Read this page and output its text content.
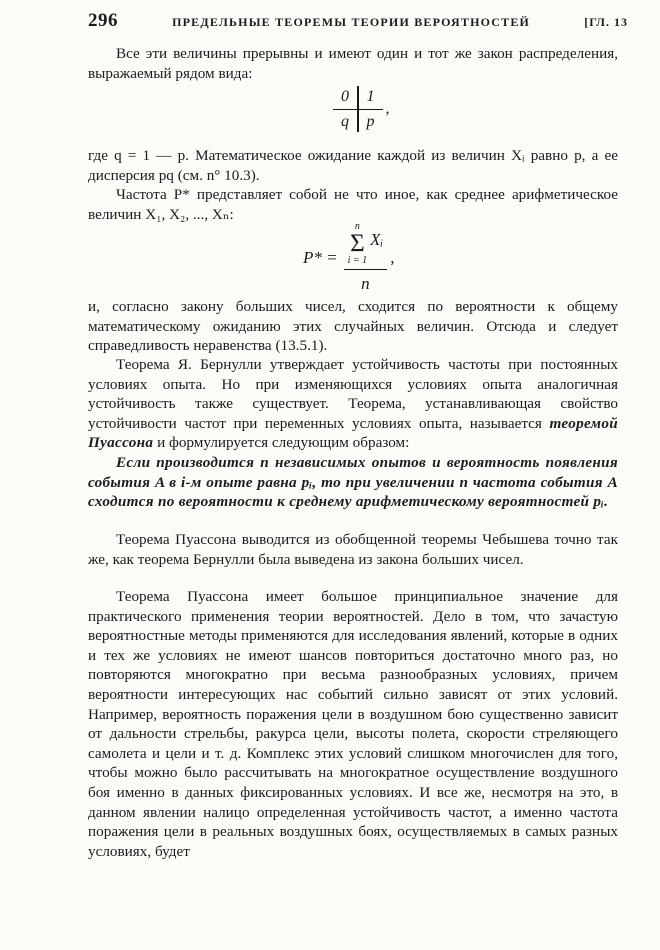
296	ПРЕДЕЛЬНЫЕ ТЕОРЕМЫ ТЕОРИИ ВЕРОЯТНОСТЕЙ	[ГЛ. 13

Все эти величины прерывны и имеют один и тот же закон распределения, выражаемый рядом вида:

0
q
1
p
,

где q = 1 — p. Математическое ожидание каждой из величин Xᵢ равно p, а ее дисперсия pq (см. n° 10.3).

Частота P* представляет собой не что иное, как среднее арифметическое величин X₁, X₂, ..., Xₙ:

P* = n
Σ
i = 1
Xᵢ
n ,

и, согласно закону больших чисел, сходится по вероятности к общему математическому ожиданию этих случайных величин. Отсюда и следует справедливость неравенства (13.5.1).

Теорема Я. Бернулли утверждает устойчивость частоты при постоянных условиях опыта. Но при изменяющихся условиях опыта аналогичная устойчивость также существует. Теорема, устанавливающая свойство устойчивости частот при переменных условиях опыта, называется теоремой Пуассона и формулируется следующим образом:

Если производится n независимых опытов и вероятность появления события A в i-м опыте равна pᵢ, то при увеличении n частота события A сходится по вероятности к среднему арифметическому вероятностей pᵢ.

Теорема Пуассона выводится из обобщенной теоремы Чебышева точно так же, как теорема Бернулли была выведена из закона больших чисел.

Теорема Пуассона имеет большое принципиальное значение для практического применения теории вероятностей. Дело в том, что зачастую вероятностные методы применяются для исследования явлений, которые в одних и тех же условиях не имеют шансов повториться достаточно много раз, но повторяются многократно при весьма разнообразных условиях, причем вероятности интересующих нас событий сильно зависят от этих условий. Например, вероятность поражения цели в воздушном бою существенно зависит от дальности стрельбы, ракурса цели, высоты полета, скорости стреляющего самолета и цели и т. д. Комплекс этих условий слишком многочислен для того, чтобы можно было рассчитывать на многократное осуществление воздушного боя именно в данных фиксированных условиях. И все же, несмотря на это, в данном явлении налицо определенная устойчивость частот, а именно частота поражения цели в реальных воздушных боях, осуществляемых в самых разных условиях, будет
